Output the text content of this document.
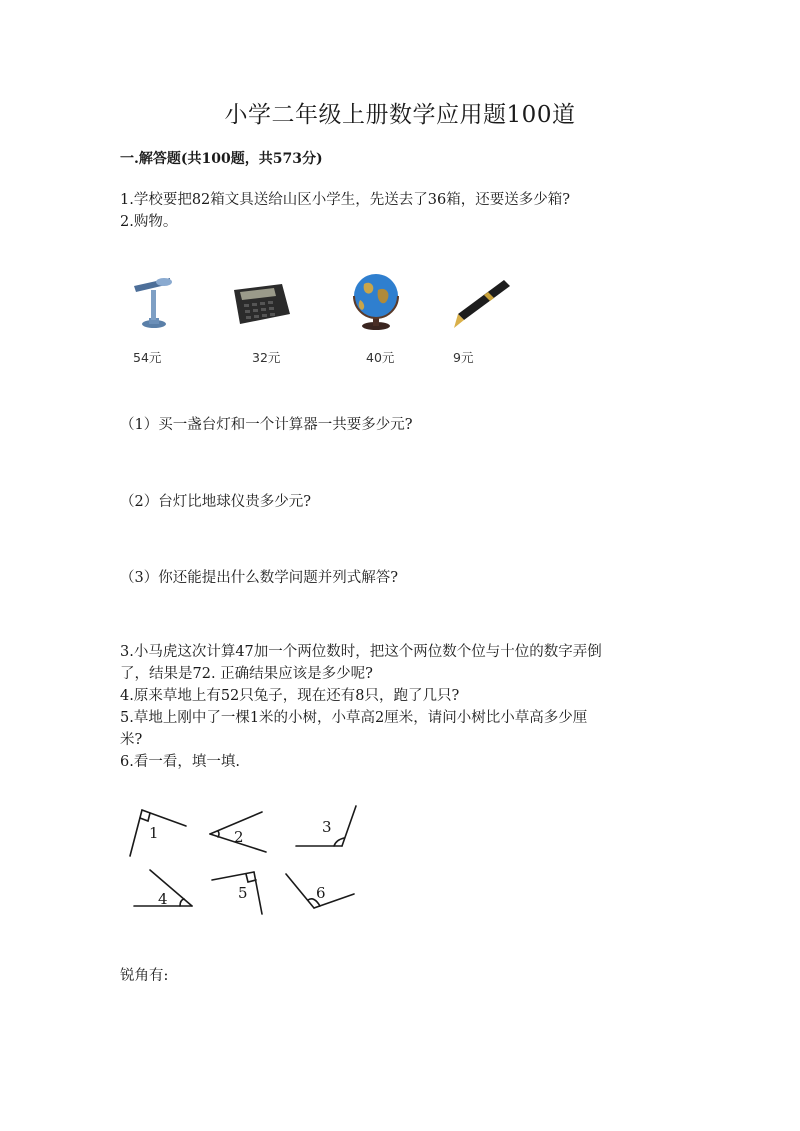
小学二年级上册数学应用题100道
一.解答题(共100题，共573分)
1.学校要把82箱文具送给山区小学生，先送去了36箱，还要送多少箱?
2.购物。
54元	32元	40元	9元
（1）买一盏台灯和一个计算器一共要多少元?
（2）台灯比地球仪贵多少元?
（3）你还能提出什么数学问题并列式解答?
3.小马虎这次计算47加一个两位数时，把这个两位数个位与十位的数字弄倒
了，结果是72. 正确结果应该是多少呢?
4.原来草地上有52只兔子，现在还有8只，跑了几只?
5.草地上刚中了一棵1米的小树，小草高2厘米，请问小树比小草高多少厘
米?
6.看一看，填一填.
1	2
3
4	5	6
锐角有:
